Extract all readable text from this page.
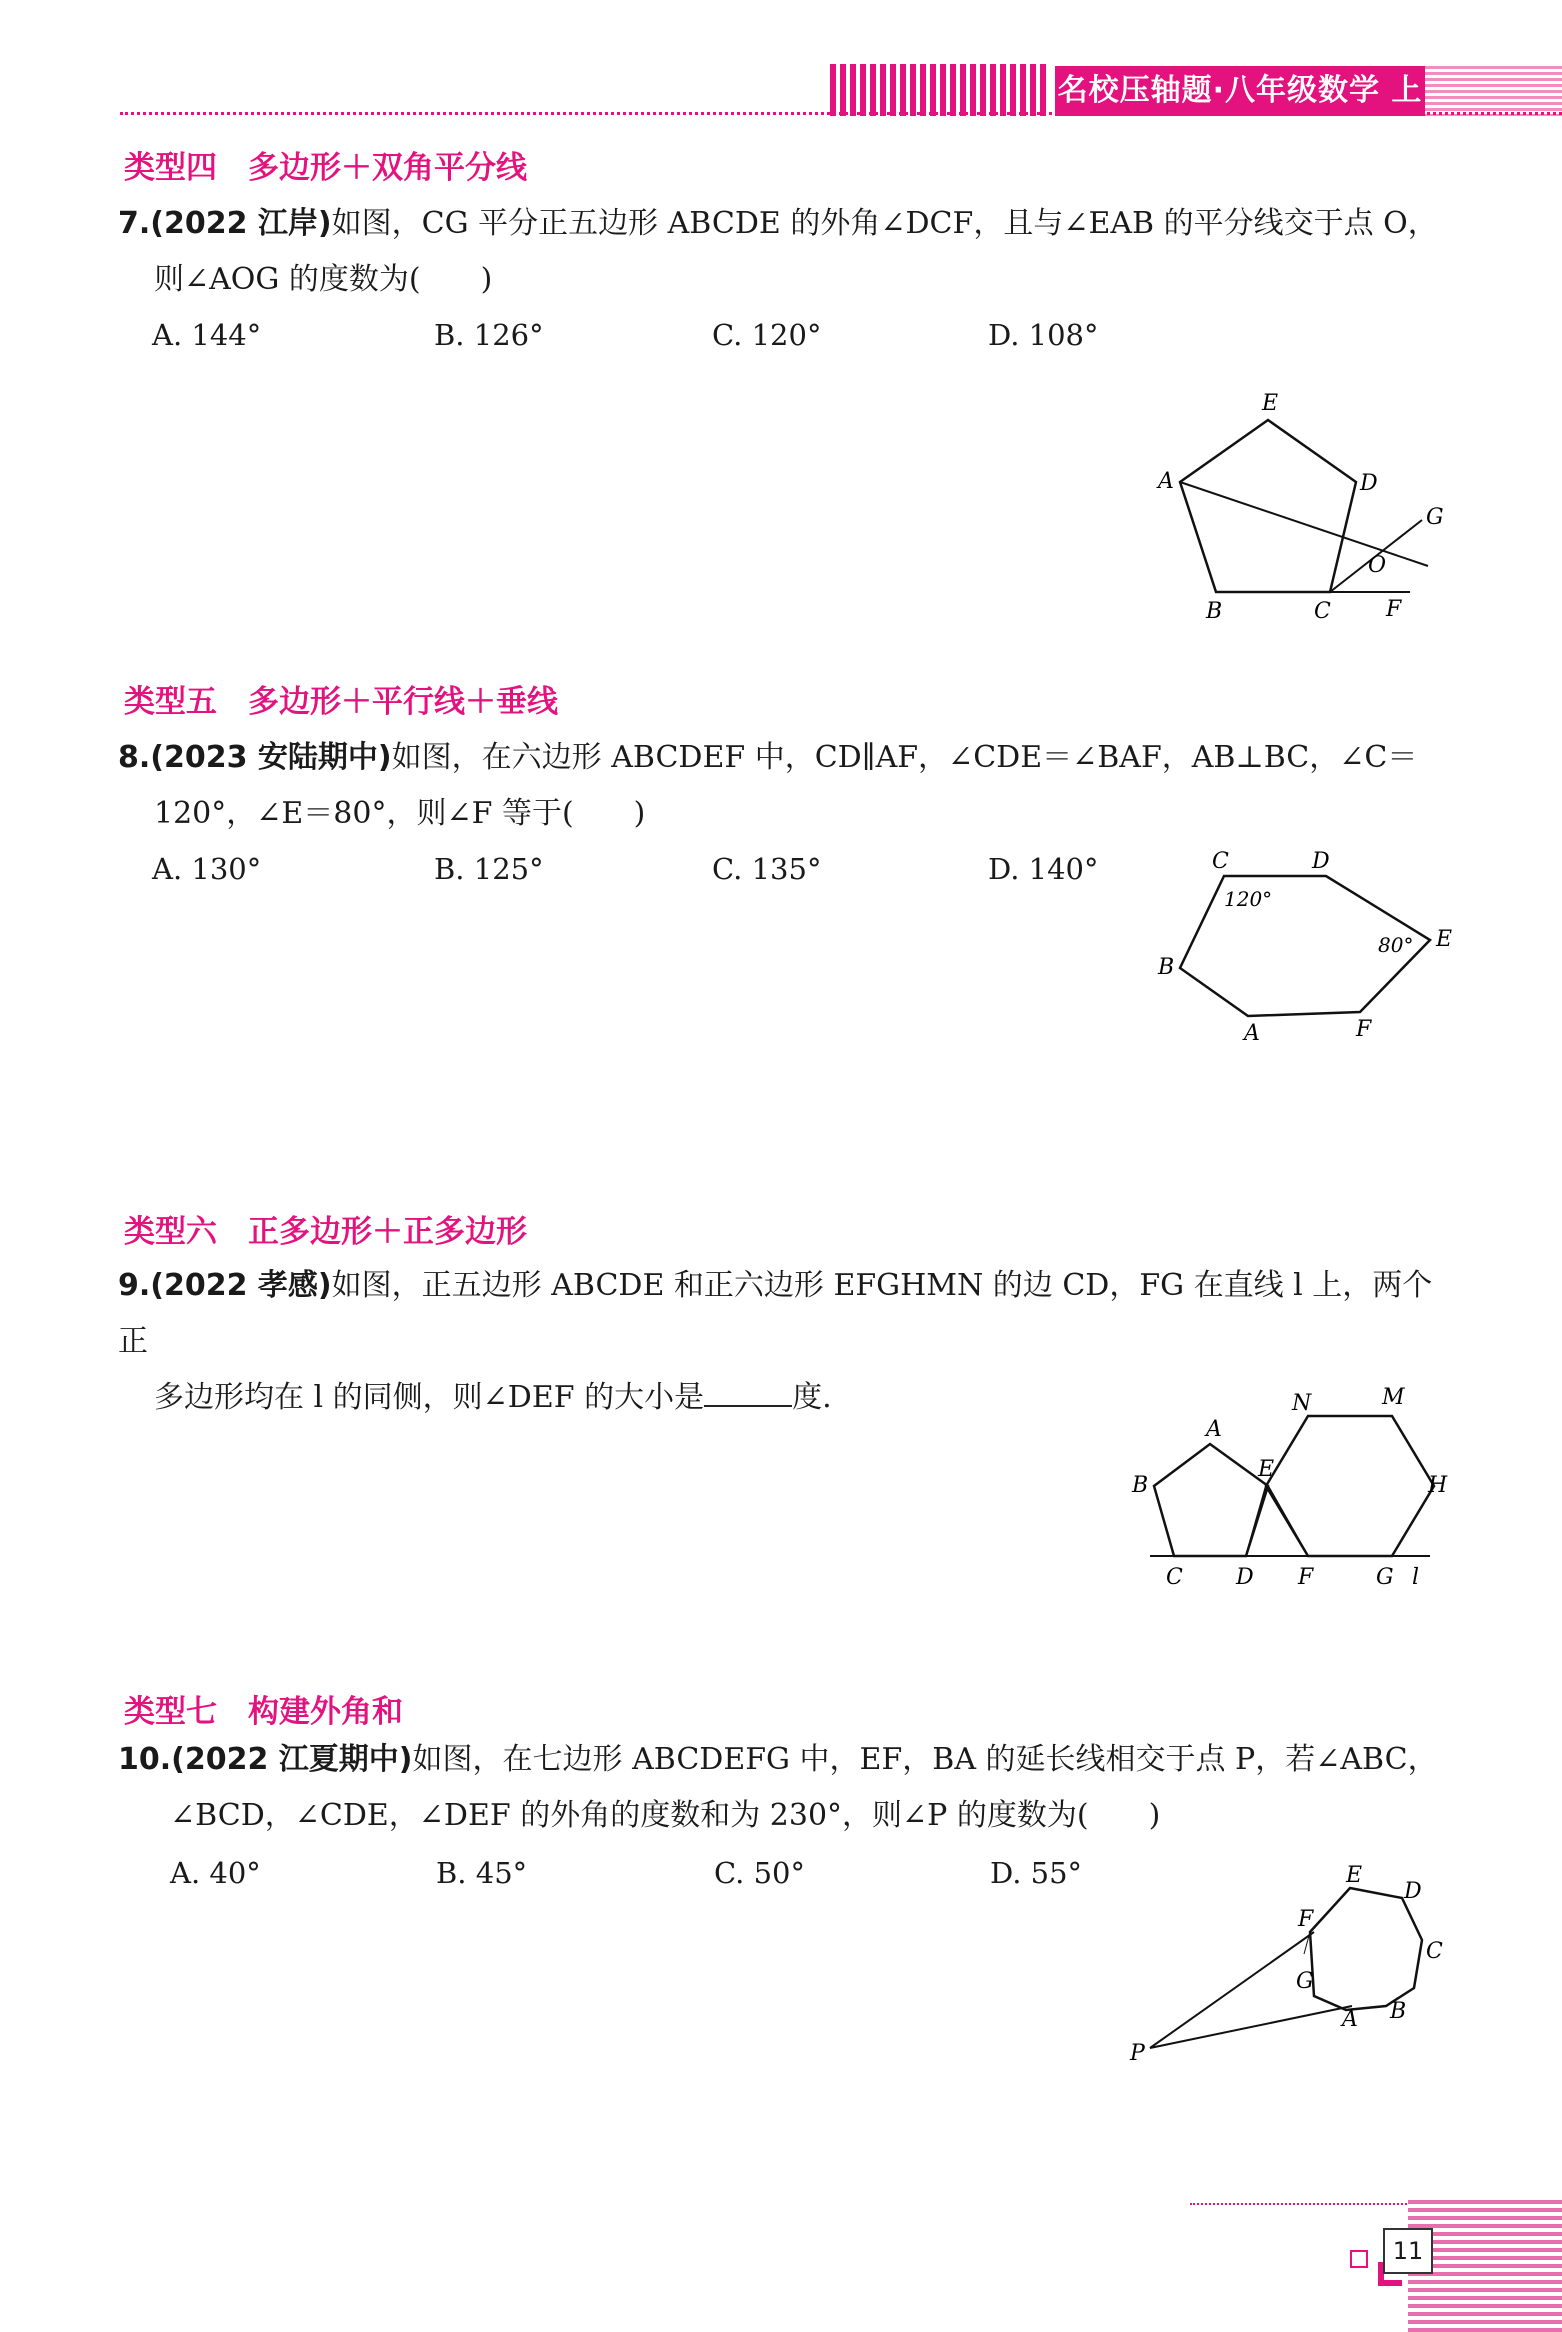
名校压轴题·八年级数学 上
类型四　多边形＋双角平分线
7.(2022 江岸)如图，CG 平分正五边形 ABCDE 的外角∠DCF，且与∠EAB 的平分线交于点 O，
则∠AOG 的度数为(　　)
A. 144°	B. 126°	C. 120°	D. 108°
E
A	D
G
O
B	C	F
类型五　多边形＋平行线＋垂线
8.(2023 安陆期中)如图，在六边形 ABCDEF 中，CD∥AF，∠CDE＝∠BAF，AB⊥BC，∠C＝
120°，∠E＝80°，则∠F 等于(　　)
A. 130°	B. 125°	C. 135°	D. 140°	C	D
E
B
A	F
120°
80°
类型六　正多边形＋正多边形
9.(2022 孝感)如图，正五边形 ABCDE 和正六边形 EFGHMN 的边 CD，FG 在直线 l 上，两个正
多边形均在 l 的同侧，则∠DEF 的大小是	度.
A
B
C D
E
F	G l
N	M
H
类型七　构建外角和
10.(2022 江夏期中)如图，在七边形 ABCDEFG 中，EF，BA 的延长线相交于点 P，若∠ABC，
∠BCD，∠CDE，∠DEF 的外角的度数和为 230°，则∠P 的度数为(　　)
A. 40°	B. 45°	C. 50°	D. 55°	E
D
C
B
A
G
F
P
11
